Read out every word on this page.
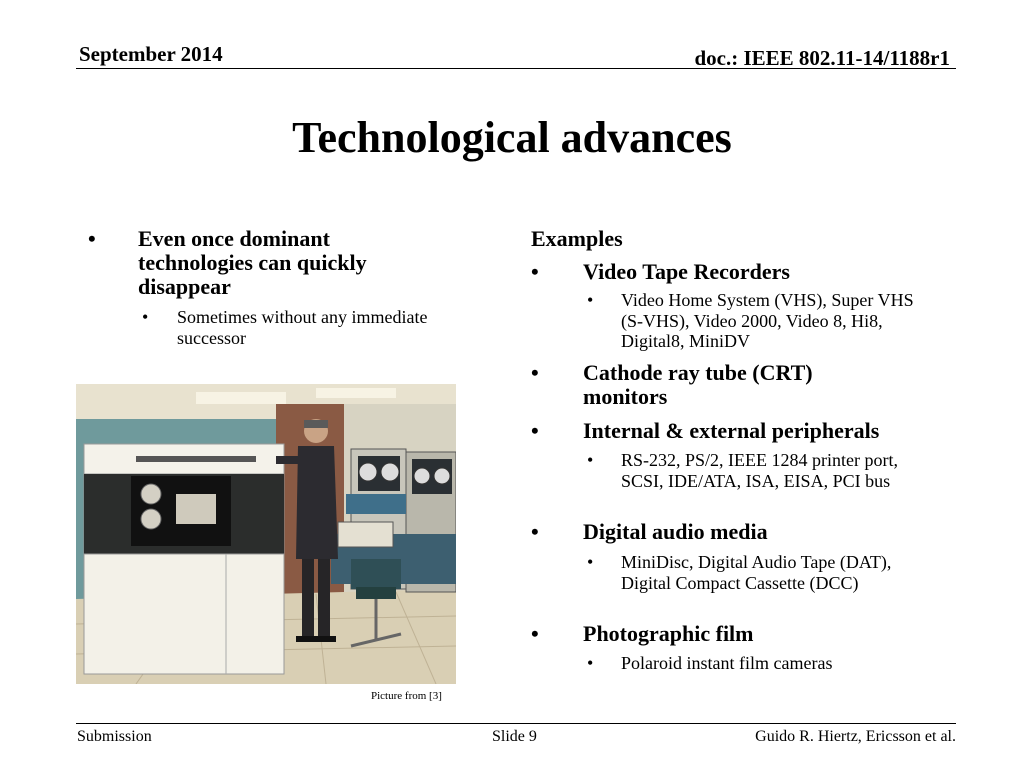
September 2014	doc.: IEEE 802.11-14/1188r1
Technological advances
• Even once dominant technologies can quickly disappear
• Sometimes without any immediate successor
Picture from [3]
Examples
• Video Tape Recorders
• Video Home System (VHS), Super VHS (S-VHS), Video 2000, Video 8, Hi8, Digital8, MiniDV
• Cathode ray tube (CRT) monitors
• Internal & external peripherals
• RS-232, PS/2, IEEE 1284 printer port, SCSI, IDE/ATA, ISA, EISA, PCI bus
• Digital audio media
• MiniDisc, Digital Audio Tape (DAT), Digital Compact Cassette (DCC)
• Photographic film
• Polaroid instant film cameras
Submission	Slide 9	Guido R. Hiertz, Ericsson et al.
